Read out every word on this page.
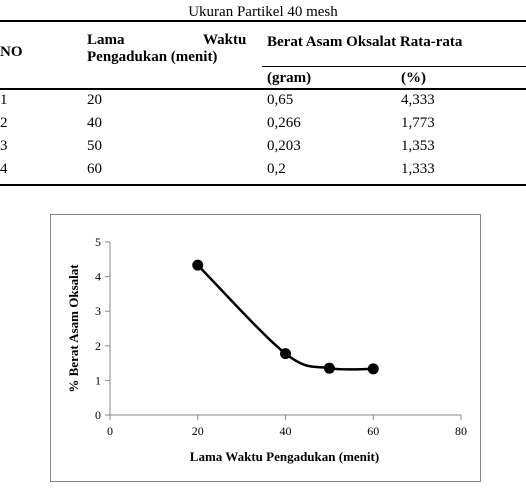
Ukuran Partikel 40 mesh
NO
Lama	Waktu
Pengadukan (menit)
Berat Asam Oksalat Rata-rata
(gram)	(%)
1	20	0,65	4,333
2	40	0,266	1,773
3	50	0,203	1,353
4	60	0,2	1,333
0
1
2
3
4
5
0	20	40	60	80
Lama Waktu Pengadukan (menit)
% Berat Asam Oksalat
